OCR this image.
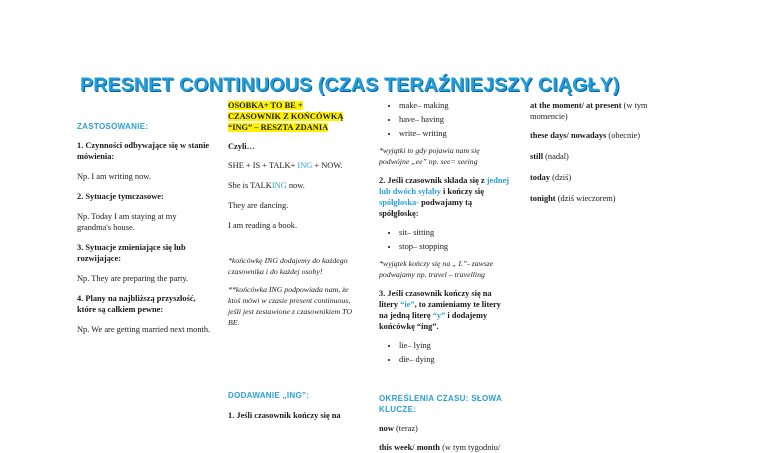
PRESNET CONTINUOUS (CZAS TERAŹNIEJSZY CIĄGŁY)

ZASTOSOWANIE:

1. Czynności odbywające się w stanie mówienia:

Np. I am writing now.

2. Sytuacje tymczasowe:

Np. Today I am staying at my grandma's house.

3. Sytuacje zmieniające się lub rozwijające:

Np. They are preparing the party.

4. Plany na najbliższą przyszłość, które są całkiem pewne:

Np. We are getting married next month.

OSOBKA+ TO BE +
CZASOWNIK Z KOŃCÓWKĄ
“ING” – RESZTA ZDANIA

Czyli…

SHE + IS + TALK+ ING + NOW.

She is TALKING now.

They are dancing.

I am reading a book.

*końcówkę ING dodajemy do każdego czasownika i do każdej osoby!

**końcówka ING podpowiada nam, że ktoś mówi w czasie present continuous, jeśli jest zestawione z czasownikiem TO BE.

DODAWANIE „ING”:

1. Jeśli czasownik kończy się na

• make– making
• have– having
• write– writing

*wyjątki to gdy pojawia nam się podwójne „ee” np. see= seeing

2. Jeśli czasownik składa się z jednej lub dwóch sylaby i kończy się spółgłoska- podwajamy tą spółgłoskę:

• sit– sitting
• stop– stopping

*wyjątek kończy się na „ L”- zawsze podwajamy np. travel – travelling

3. Jeśli czasownik kończy się na litery “ie”, to zamieniamy te litery na jedną literę “y” i dodajemy końcówkę “ing”.

• lie– lying
• die– dying

OKREŚLENIA CZASU: SŁOWA KLUCZE:

now (teraz)

this week/ month (w tym tygodniu/

at the moment/ at present (w tym momencie)

these days/ nowadays (obecnie)

still (nadal)

today (dziś)

tonight (dziś wieczorem)
